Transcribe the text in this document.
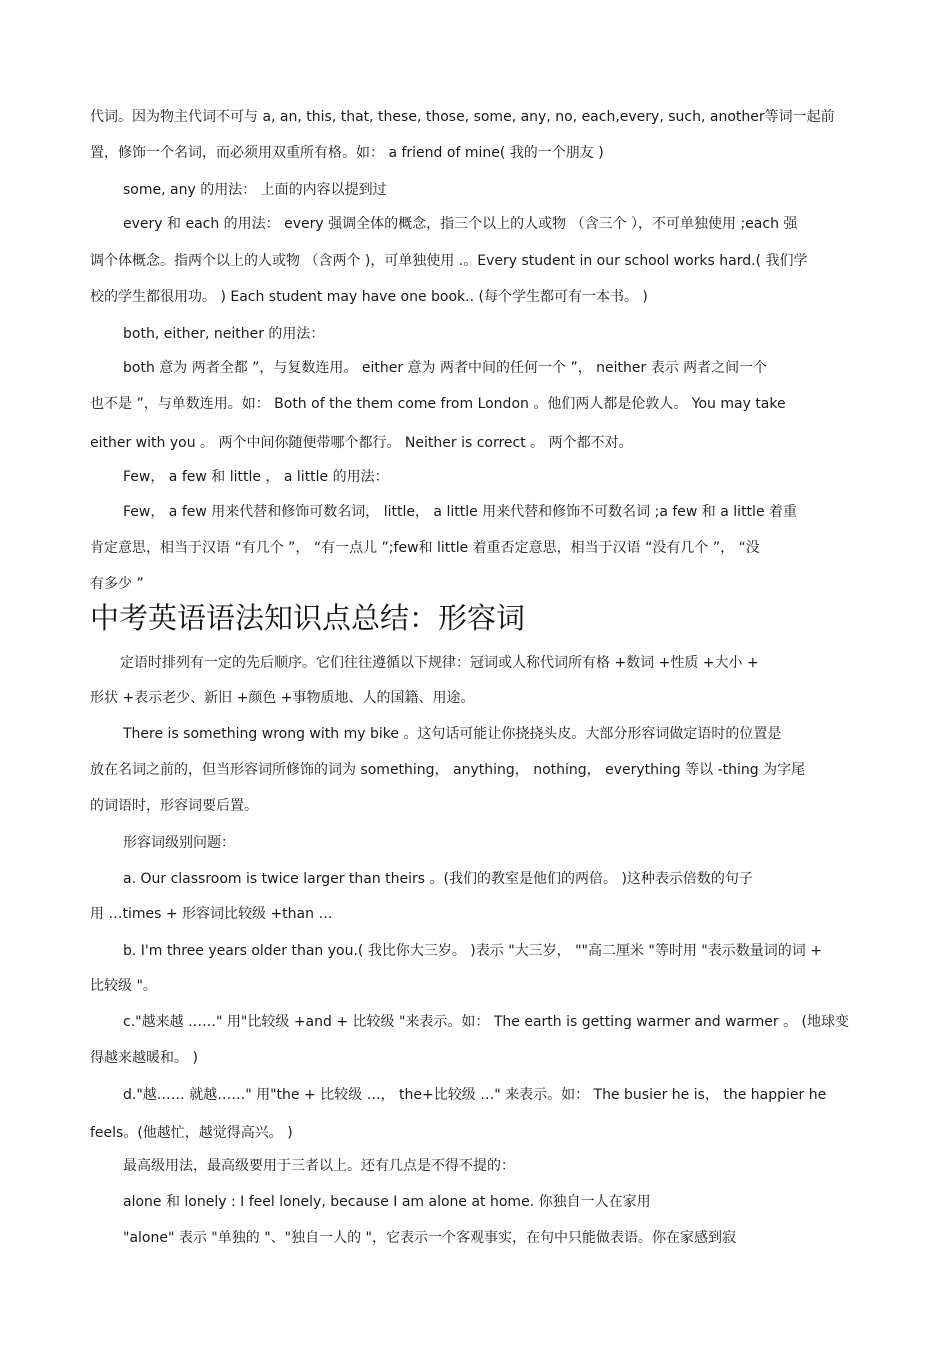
代词。因为物主代词不可与 a, an, this, that, these, those, some, any, no, each,every, such, another等词一起前
置，修饰一个名词，而必须用双重所有格。如： a friend of mine( 我的一个朋友 )
some, any 的用法： 上面的内容以提到过
every 和 each 的用法： every 强调全体的概念，指三个以上的人或物 （含三个 ），不可单独使用 ;each 强
调个体概念。指两个以上的人或物 （含两个 )，可单独使用 .。Every student in our school works hard.( 我们学
校的学生都很用功。 ) Each student may have one book.. (每个学生都可有一本书。 )
both, either, neither 的用法：
both 意为 两者全都 ”，与复数连用。 either 意为 两者中间的任何一个 ”， neither 表示 两者之间一个
也不是 ”，与单数连用。如： Both of the them come from London 。他们两人都是伦敦人。 You may take
either with you 。 两个中间你随便带哪个都行。 Neither is correct 。 两个都不对。
Few， a few 和 little ， a little 的用法：
Few， a few 用来代替和修饰可数名词， little， a little 用来代替和修饰不可数名词 ;a few 和 a little 着重
肯定意思，相当于汉语 “有几个 ”， “有一点儿 ”;few和 little 着重否定意思，相当于汉语 “没有几个 ”， “没
有多少 ”
中考英语语法知识点总结：形容词
定语时排列有一定的先后顺序。它们往往遵循以下规律：冠词或人称代词所有格 +数词 +性质 +大小 +
形状 +表示老少、新旧 +颜色 +事物质地、人的国籍、用途。
There is something wrong with my bike 。这句话可能让你挠挠头皮。大部分形容词做定语时的位置是
放在名词之前的，但当形容词所修饰的词为 something， anything， nothing， everything 等以 -thing 为字尾
的词语时，形容词要后置。
形容词级别问题：
a. Our classroom is twice larger than theirs 。(我们的教室是他们的两倍。 )这种表示倍数的句子
用 …times + 形容词比较级 +than …
b. I'm three years older than you.( 我比你大三岁。 )表示 "大三岁， ""高二厘米 "等时用 "表示数量词的词 +
比较级 "。
c."越来越 ……" 用"比较级 +and + 比较级 "来表示。如： The earth is getting warmer and warmer 。 (地球变
得越来越暖和。 )
d."越…… 就越……" 用"the + 比较级 …， the+比较级 …" 来表示。如： The busier he is， the happier he
feels。(他越忙，越觉得高兴。 )
最高级用法，最高级要用于三者以上。还有几点是不得不提的：
alone 和 lonely : I feel lonely, because I am alone at home. 你独自一人在家用
"alone" 表示 "单独的 "、"独自一人的 "，它表示一个客观事实，在句中只能做表语。你在家感到寂
